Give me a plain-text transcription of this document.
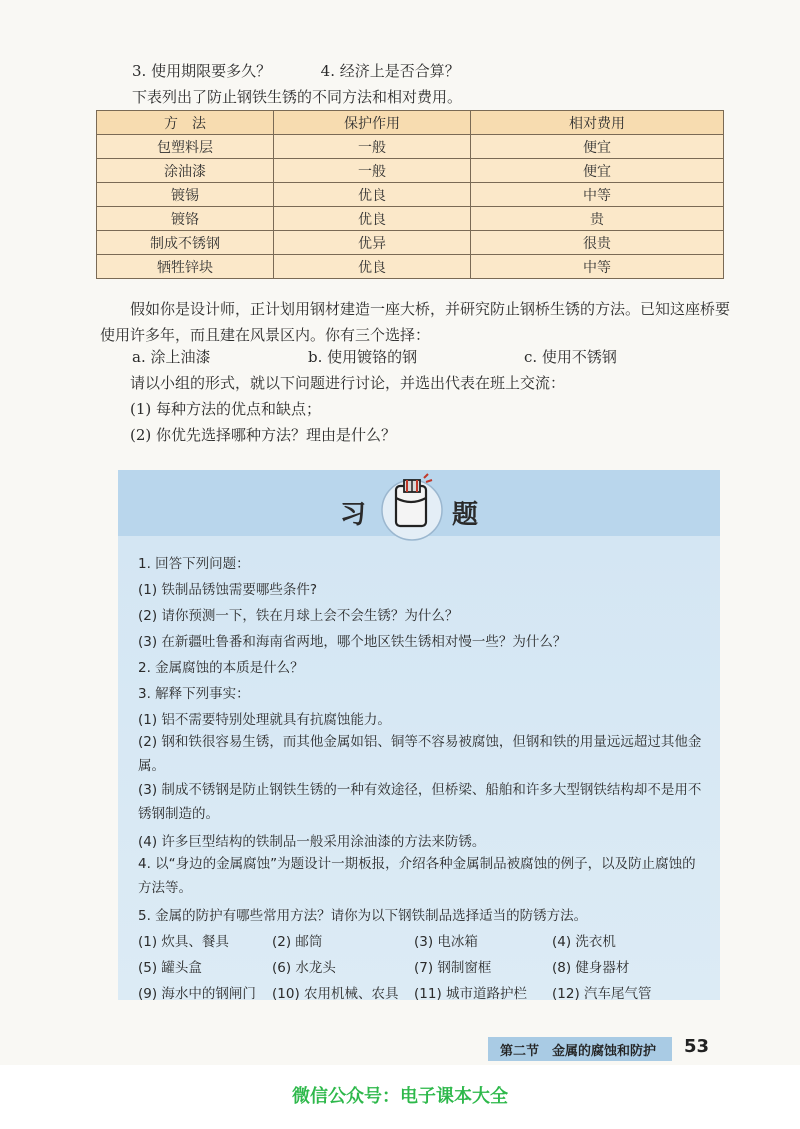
3. 使用期限要多久？	4. 经济上是否合算？
下表列出了防止钢铁生锈的不同方法和相对费用。
方　法	保护作用	相对费用
包塑料层	一般	便宜
涂油漆	一般	便宜
镀锡	优良	中等
镀铬	优良	贵
制成不锈钢	优异	很贵
牺牲锌块	优良	中等
假如你是设计师，正计划用钢材建造一座大桥，并研究防止钢桥生锈的方法。已知这座桥要使用许多年，而且建在风景区内。你有三个选择：
a. 涂上油漆	b. 使用镀铬的钢	c. 使用不锈钢
请以小组的形式，就以下问题进行讨论，并选出代表在班上交流：
(1) 每种方法的优点和缺点；
(2) 你优先选择哪种方法？理由是什么？
习	题
1. 回答下列问题：
(1) 铁制品锈蚀需要哪些条件?
(2) 请你预测一下，铁在月球上会不会生锈？为什么？
(3) 在新疆吐鲁番和海南省两地，哪个地区铁生锈相对慢一些？为什么？
2. 金属腐蚀的本质是什么？
3. 解释下列事实：
(1) 铝不需要特别处理就具有抗腐蚀能力。
(2) 钢和铁很容易生锈，而其他金属如铝、铜等不容易被腐蚀，但钢和铁的用量远远超过其他金属。
(3) 制成不锈钢是防止钢铁生锈的一种有效途径，但桥梁、船舶和许多大型钢铁结构却不是用不锈钢制造的。
(4) 许多巨型结构的铁制品一般采用涂油漆的方法来防锈。
4. 以“身边的金属腐蚀”为题设计一期板报，介绍各种金属制品被腐蚀的例子，以及防止腐蚀的方法等。
5. 金属的防护有哪些常用方法？请你为以下钢铁制品选择适当的防锈方法。
(1) 炊具、餐具	(2) 邮筒	(3) 电冰箱	(4) 洗衣机
(5) 罐头盒	(6) 水龙头	(7) 钢制窗框	(8) 健身器材
(9) 海水中的钢闸门 (10) 农用机械、农具 (11) 城市道路护栏 (12) 汽车尾气管
第二节　金属的腐蚀和防护 53
微信公众号：电子课本大全
